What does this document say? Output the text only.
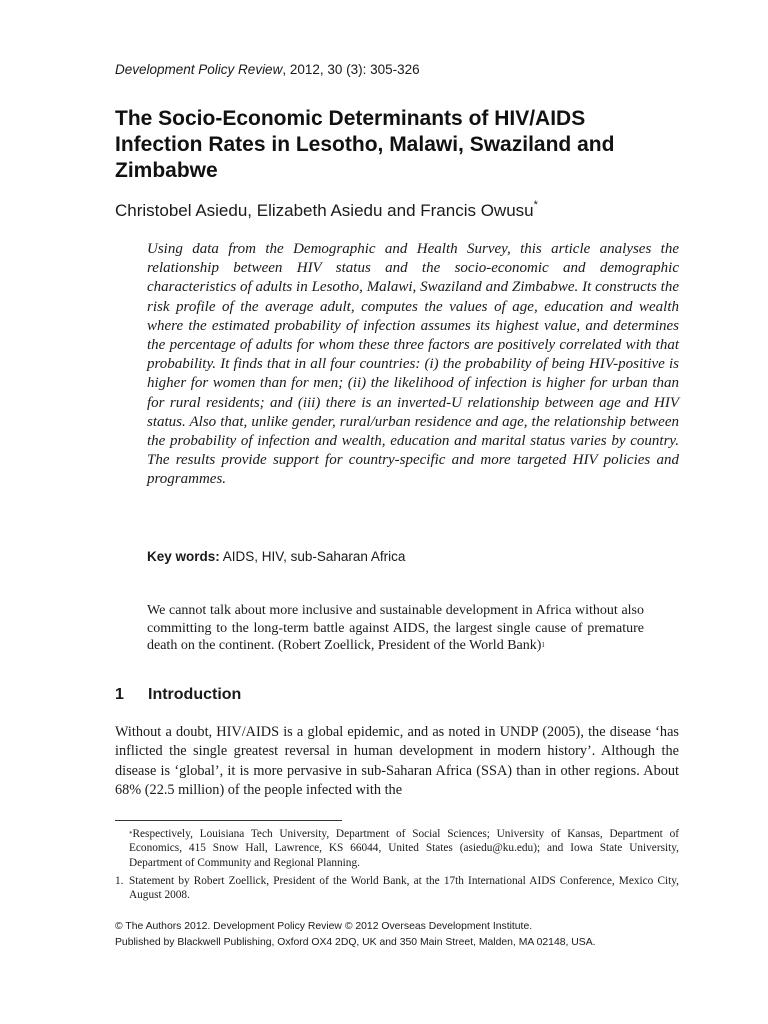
Development Policy Review, 2012, 30 (3): 305-326
The Socio-Economic Determinants of HIV/AIDS Infection Rates in Lesotho, Malawi, Swaziland and Zimbabwe
Christobel Asiedu, Elizabeth Asiedu and Francis Owusu*

Using data from the Demographic and Health Survey, this article analyses the relationship between HIV status and the socio-economic and demographic characteristics of adults in Lesotho, Malawi, Swaziland and Zimbabwe. It constructs the risk profile of the average adult, computes the values of age, education and wealth where the estimated probability of infection assumes its highest value, and determines the percentage of adults for whom these three factors are positively correlated with that probability. It finds that in all four countries: (i) the probability of being HIV-positive is higher for women than for men; (ii) the likelihood of infection is higher for urban than for rural residents; and (iii) there is an inverted-U relationship between age and HIV status. Also that, unlike gender, rural/urban residence and age, the relationship between the probability of infection and wealth, education and marital status varies by country. The results provide support for country-specific and more targeted HIV policies and programmes.

Key words: AIDS, HIV, sub-Saharan Africa

We cannot talk about more inclusive and sustainable development in Africa without also committing to the long-term battle against AIDS, the largest single cause of premature death on the continent. (Robert Zoellick, President of the World Bank)$^1$

1 Introduction

Without a doubt, HIV/AIDS is a global epidemic, and as noted in UNDP (2005), the disease ‘has inflicted the single greatest reversal in human development in modern history’. Although the disease is ‘global’, it is more pervasive in sub-Saharan Africa (SSA) than in other regions. About 68% (22.5 million) of the people infected with the

*Respectively, Louisiana Tech University, Department of Social Sciences; University of Kansas, Department of Economics, 415 Snow Hall, Lawrence, KS 66044, United States (asiedu@ku.edu); and Iowa State University, Department of Community and Regional Planning.

1. Statement by Robert Zoellick, President of the World Bank, at the 17th International AIDS Conference, Mexico City, August 2008.
© The Authors 2012. Development Policy Review © 2012 Overseas Development Institute.
Published by Blackwell Publishing, Oxford OX4 2DQ, UK and 350 Main Street, Malden, MA 02148, USA.
